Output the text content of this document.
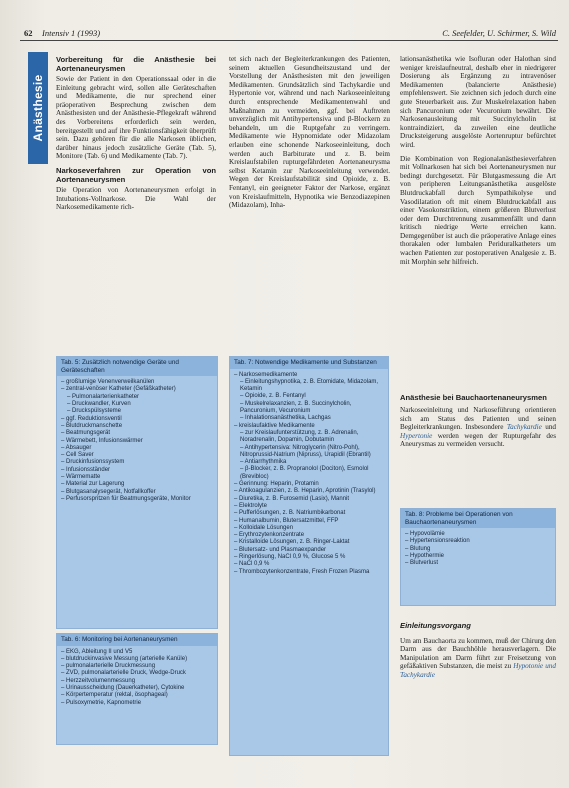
62 Intensiv 1 (1993)	C. Seefelder, U. Schirmer, S. Wild
Anästhesie
Vorbereitung für die Anästhesie bei Aortenaneurysmen

Sowie der Patient in den Operationssaal oder in die Einleitung gebracht wird, sollen alle Geräteschaften und Medikamente, die nur sprechend einer präoperativen Besprechung zwischen dem Anästhesisten und der Anästhesie-Pflegekraft während des Vorbereitens erforderlich sein werden, bereitgestellt und auf ihre Funktionsfähigkeit überprüft sein. Dazu gehören für die alle Narkosen üblichen, darüber hinaus jedoch zusätzliche Geräte (Tab. 5), Monitore (Tab. 6) und Medikamente (Tab. 7).

Narkoseverfahren zur Operation von Aortenaneurysmen

Die Operation von Aortenaneurysmen erfolgt in Intubations-Vollnarkose. Die Wahl der Narkosemedikamente rich-

tet sich nach der Begleiterkrankungen des Patienten, seinem aktuellen Gesundheitszustand und der Vorstellung der Anästhesisten mit den jeweiligen Medikamenten. Grundsätzlich sind Tachykardie und Hypertonie vor, während und nach Narkoseeinleitung durch entsprechende Medikamentenwahl und Maßnahmen zu vermeiden, ggf. bei Auftreten unverzüglich mit Antihypertensiva und β-Blockern zu behandeln, um die Ruptgefahr zu verringern. Medikamente wie Hypnomidate oder Midazolam erlauben eine schonende Narkoseeinleitung, doch werden auch Barbiturate und z. B. beim Kreislaufstabilen rupturgefährdeten Aortenaneurysma selbst Ketamin zur Narkoseeinleitung verwendet. Wegen der Kreislaufstabilität sind Opioide, z. B. Fentanyl, ein geeigneter Faktor der Narkose, ergänzt von Kreislaufmitteln, Hypnotika wie Benzodiazepinen (Midazolam), Inha-

lationsanästhetika wie Isofluran oder Halothan sind weniger kreislaufneutral, deshalb eher in niedrigerer Dosierung als Ergänzung zu intravenöser Medikamenten (balancierte Anästhesie) empfehlenswert. Sie zeichnen sich jedoch durch eine gute Steuerbarkeit aus. Zur Muskelrelaxation haben sich Pancuronium oder Vecuronium bewährt. Die Narkosenausleitung mit Succinylcholin ist kontraindiziert, da zuweilen eine deutliche Drucksteigerung ausgelöste Aortenruptur befürchtet wird.

Die Kombination von Regionalanästhesieverfahren mit Vollnarkosen hat sich bei Aortenaneurysmen nur bedingt durchgesetzt. Für Blutgasmessung die Art von peripheren Leitungsanästhetika ausgelöste Blutdruckabfall durch Sympathikolyse und Vasodilatation oft mit einem Blutdruckabfall aus einer Vasokonstriktion, einem größeren Blutverlust oder dem Durchtrennung zusammenfällt und dann kritisch niedrige Werte erreichen kann. Demgegenüber ist auch die präoperative Anlage eines thorakalen oder lumbalen Periduralkatheters um wachen Patienten zur postoperativen Analgesie z. B. mit Morphin sehr hilfreich.

Anästhesie bei Bauchaortenaneurysmen

Narkoseeinleitung und Narkoseführung orientieren sich am Status des Patienten und seinen Begleiterkrankungen. Insbesondere Tachykardie und Hypertonie werden wegen der Rupturgefahr des Aneurysmas zu vermeiden versucht.

Einleitungsvorgang

Um am Bauchaorta zu kommen, muß der Chirurg den Darm aus der Bauchhöhle herausverlagern. Die Manipulation am Darm führt zur Freisetzung von gefäßaktiven Substanzen, die meist zu Hypotonie und Tachykardie

Tab. 5: Zusätzlich notwendige Geräte und Geräteschaften
– großlumige Venenverweilkanülen
– zentral-venöser Katheter (Gefäßkatheter)
– Pulmonalarterienkatheter
– Druckwandler, Kurven
– Druckspülsysteme
– ggf. Reduktionsventil
– Blutdruckmanschette
– Beatmungsgerät
– Wärmebett, Infusionswärmer
– Absauger
– Cell Saver
– Druckinfusionssystem
– Infusionsständer
– Wärmematte
– Material zur Lagerung
– Blutgasanalysegerät, Notfallkoffer
– Perfusorspritzen für Beatmungsgeräte, Monitor
Tab. 6: Monitoring bei Aortenaneurysmen
– EKG, Ableitung II und V5
– blutdruckinvasive Messung (arterielle Kanüle)
– pulmonalarterielle Druckmessung
– ZVD, pulmonalarterielle Druck, Wedge-Druck
– Herzzeitvolumenmessung
– Urinausscheidung (Dauerkatheter), Cytokine
– Körpertemperatur (rektal, ösophageal)
– Pulsoxymetrie, Kapnometrie
Tab. 7: Notwendige Medikamente und Substanzen
– Narkosemedikamente
– Einleitungshypnotika, z. B. Etomidate, Midazolam, Ketamin
– Opioide, z. B. Fentanyl
– Muskelrelaxanzien, z. B. Succinylcholin, Pancuronium, Vecuronium
– Inhalationsanästhetika, Lachgas
– kreislaufaktive Medikamente
– zur Kreislaufunterstützung, z. B. Adrenalin, Noradrenalin, Dopamin, Dobutamin
– Antihypertensiva: Nitroglycerin (Nitro-Pohl), Nitroprussid-Natrium (Nipruss), Urapidil (Ebrantil)
– Antiarrhythmika
– β-Blocker, z. B. Propranolol (Dociton), Esmolol (Brevibloc)
– Gerinnung: Heparin, Protamin
– Antikoagulanzien, z. B. Heparin, Aprotinin (Trasylol)
– Diuretika, z. B. Furosemid (Lasix), Mannit
– Elektrolyte
– Pufferlösungen, z. B. Natriumbikarbonat
– Humanalbumin, Blutersatzmittel, FFP
– Kolloidale Lösungen
– Erythrozytenkonzentrate
– Kristalloide Lösungen, z. B. Ringer-Laktat
– Blutersatz- und Plasmaexpander
– Ringerlösung, NaCl 0,9 %, Glucose 5 %
– NaCl 0,9 %
– Thrombozytenkonzentrate, Fresh Frozen Plasma
Tab. 8: Probleme bei Operationen von Bauchaortenaneurysmen
– Hypovolämie
– Hypertensionsreaktion
– Blutung
– Hypothermie
– Blutverlust
